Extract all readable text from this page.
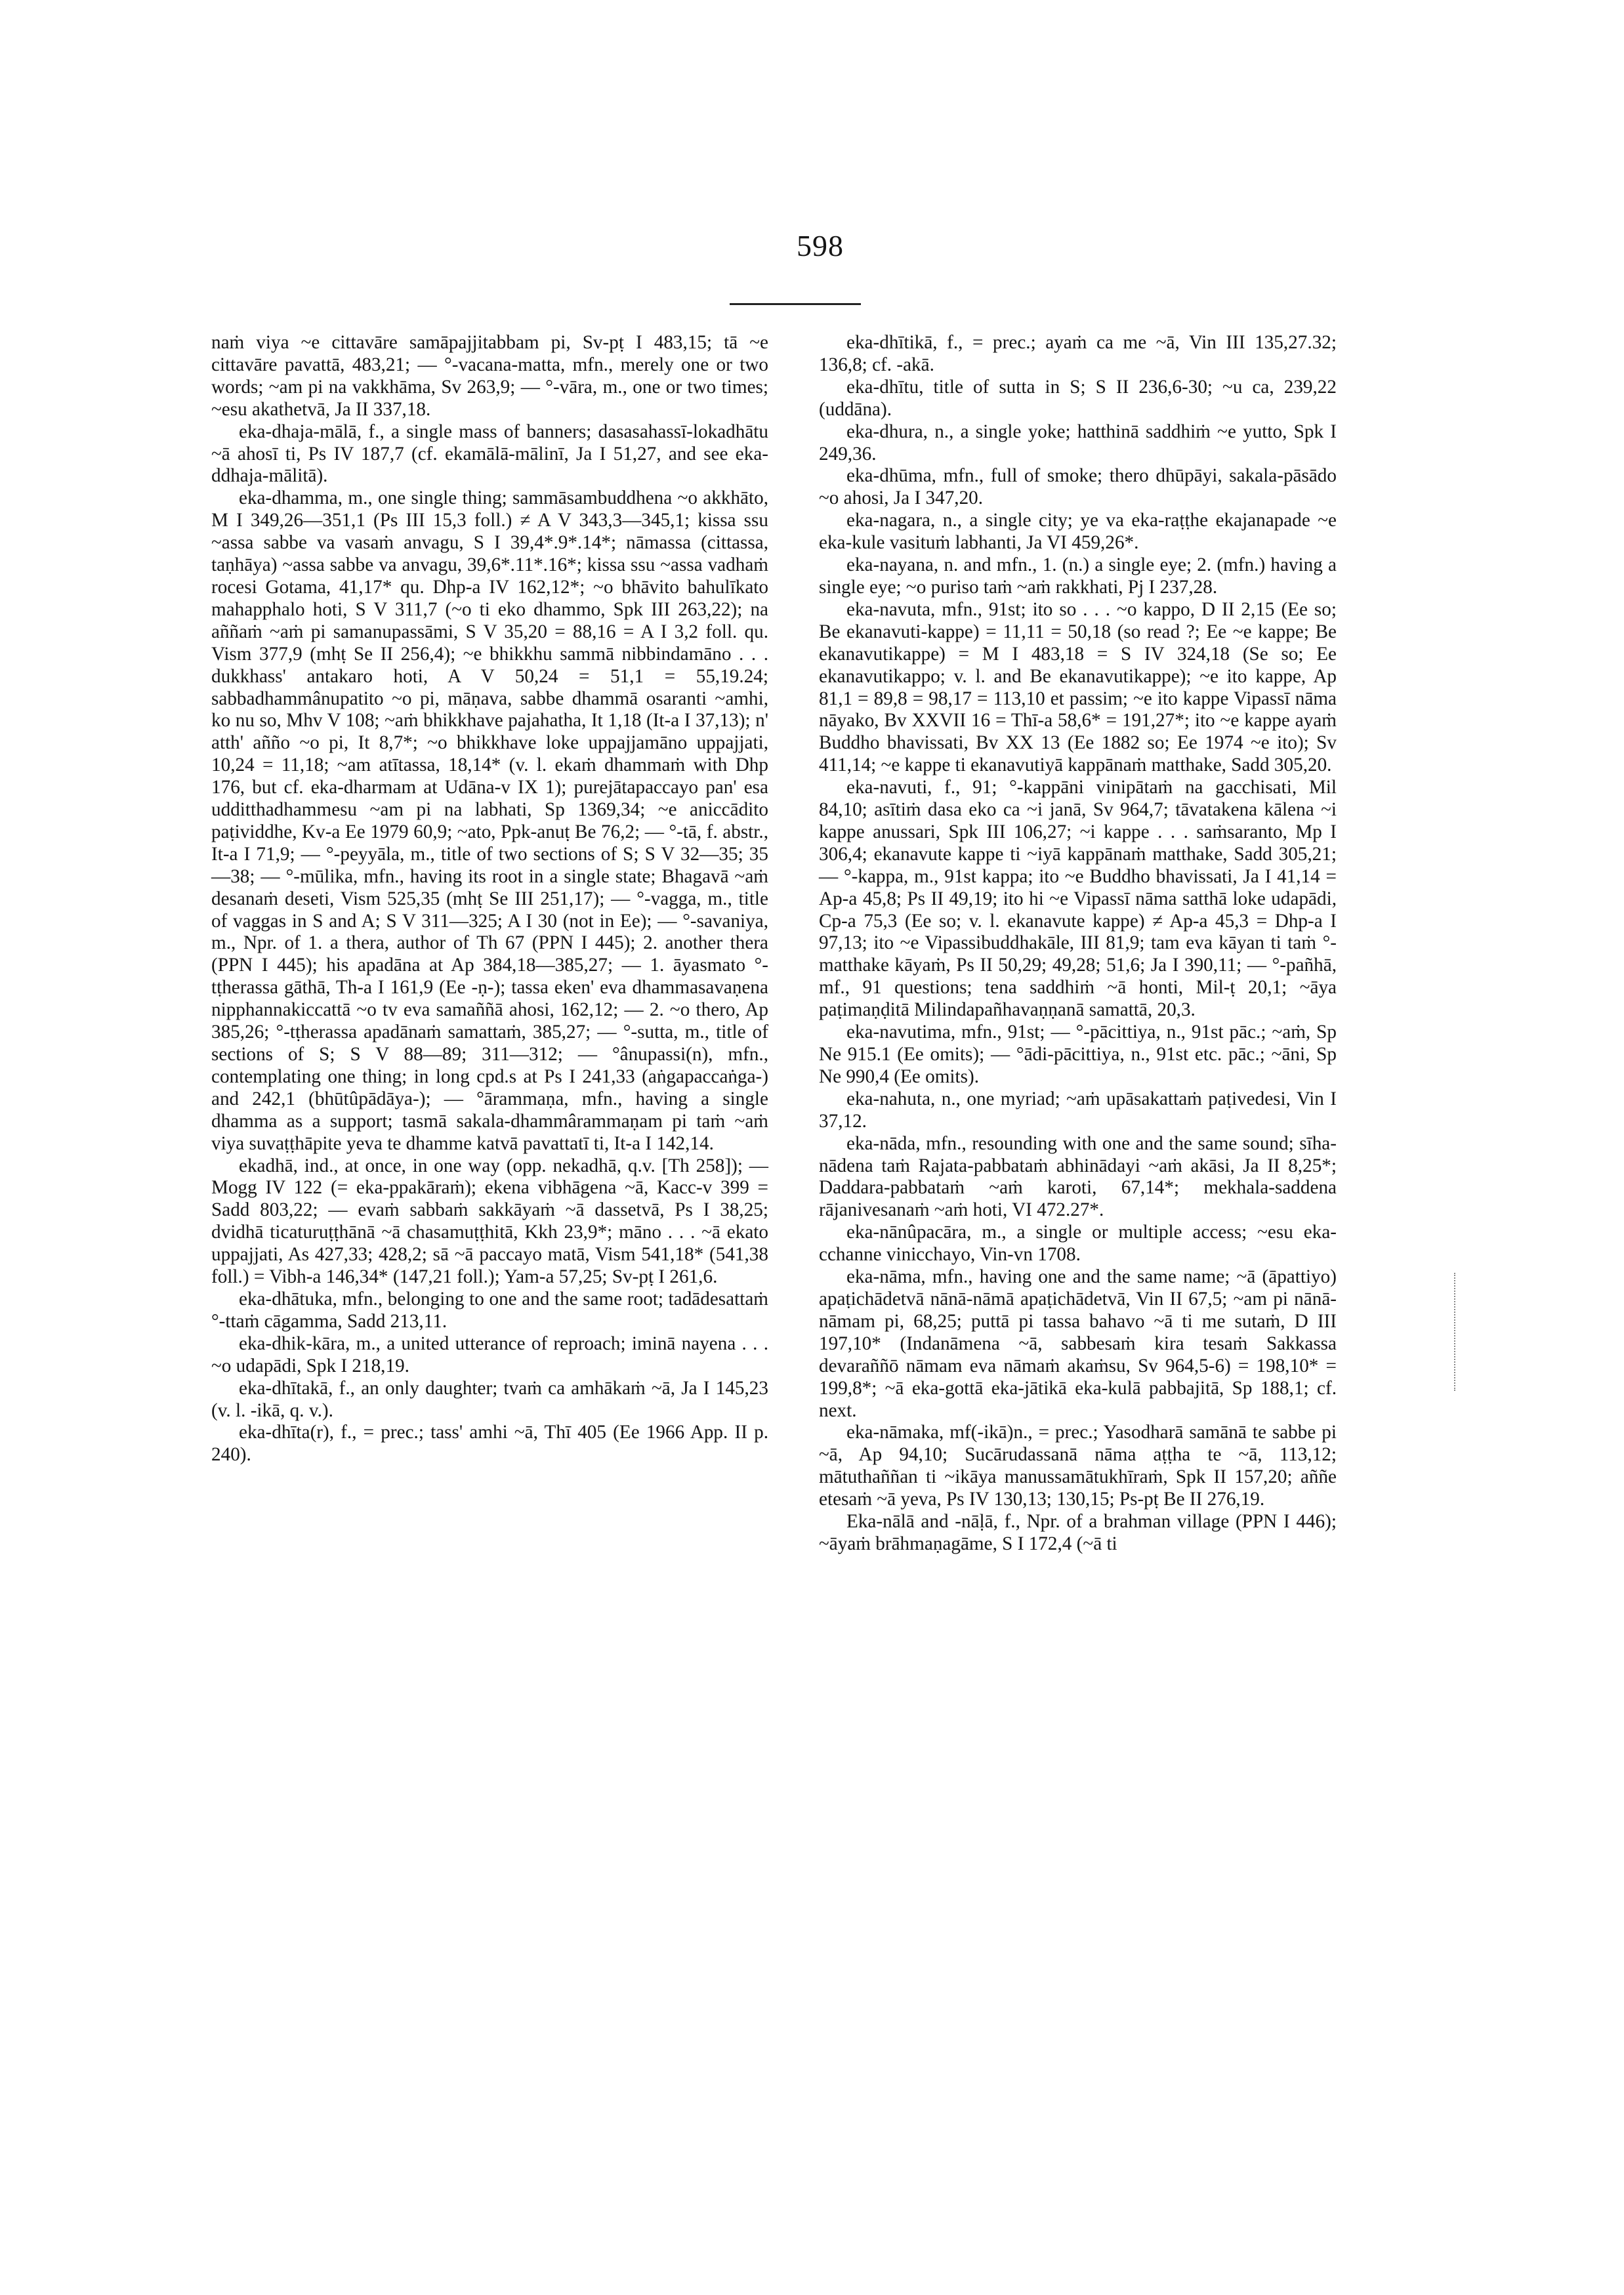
598

naṁ viya ~e cittavāre samāpajjitabbam pi, Sv-pṭ I 483,15; tā ~e cittavāre pavattā, 483,21; — °-vacana-matta, mfn., merely one or two words; ~am pi na vakkhāma, Sv 263,9; — °-vāra, m., one or two times; ~esu akathetvā, Ja II 337,18.

eka-dhaja-mālā, f., a single mass of banners; dasasahassī-lokadhātu ~ā ahosī ti, Ps IV 187,7 (cf. ekamālā-mālinī, Ja I 51,27, and see eka-ddhaja-mālitā).

eka-dhamma, m., one single thing; sammāsambuddhena ~o akkhāto, M I 349,26—351,1 (Ps III 15,3 foll.) ≠ A V 343,3—345,1; kissa ssu ~assa sabbe va vasaṁ anvagu, S I 39,4*.9*.14*; nāmassa (cittassa, taṇhāya) ~assa sabbe va anvagu, 39,6*.11*.16*; kissa ssu ~assa vadhaṁ rocesi Gotama, 41,17* qu. Dhp-a IV 162,12*; ~o bhāvito bahulīkato mahapphalo hoti, S V 311,7 (~o ti eko dhammo, Spk III 263,22); na aññaṁ ~aṁ pi samanupassāmi, S V 35,20 = 88,16 = A I 3,2 foll. qu. Vism 377,9 (mhṭ Se II 256,4); ~e bhikkhu sammā nibbindamāno . . . dukkhass' antakaro hoti, A V 50,24 = 51,1 = 55,19.24; sabbadhammânupatito ~o pi, māṇava, sabbe dhammā osaranti ~amhi, ko nu so, Mhv V 108; ~aṁ bhikkhave pajahatha, It 1,18 (It-a I 37,13); n' atth' añño ~o pi, It 8,7*; ~o bhikkhave loke uppajjamāno uppajjati, 10,24 = 11,18; ~am atītassa, 18,14* (v. l. ekaṁ dhammaṁ with Dhp 176, but cf. eka-dharmam at Udāna-v IX 1); purejātapaccayo pan' esa udditthadhammesu ~am pi na labhati, Sp 1369,34; ~e aniccādito paṭividdhe, Kv-a Ee 1979 60,9; ~ato, Ppk-anuṭ Be 76,2; — °-tā, f. abstr., It-a I 71,9; — °-peyyāla, m., title of two sections of S; S V 32—35; 35—38; — °-mūlika, mfn., having its root in a single state; Bhagavā ~aṁ desanaṁ deseti, Vism 525,35 (mhṭ Se III 251,17); — °-vagga, m., title of vaggas in S and A; S V 311—325; A I 30 (not in Ee); — °-savaniya, m., Npr. of 1. a thera, author of Th 67 (PPN I 445); 2. another thera (PPN I 445); his apadāna at Ap 384,18—385,27; — 1. āyasmato °-tṭherassa gāthā, Th-a I 161,9 (Ee -ṇ-); tassa eken' eva dhammasavaṇena nipphannakiccattā ~o tv eva samaññā ahosi, 162,12; — 2. ~o thero, Ap 385,26; °-tṭherassa apadānaṁ samattaṁ, 385,27; — °-sutta, m., title of sections of S; S V 88—89; 311—312; — °ânupassi(n), mfn., contemplating one thing; in long cpd.s at Ps I 241,33 (aṅgapaccaṅga-) and 242,1 (bhūtûpādāya-); — °ārammaṇa, mfn., having a single dhamma as a support; tasmā sakala-dhammârammaṇam pi taṁ ~aṁ viya suvaṭṭhāpite yeva te dhamme katvā pavattatī ti, It-a I 142,14.

ekadhā, ind., at once, in one way (opp. nekadhā, q.v. [Th 258]); — Mogg IV 122 (= eka-ppakāraṁ); ekena vibhāgena ~ā, Kacc-v 399 = Sadd 803,22; — evaṁ sabbaṁ sakkāyaṁ ~ā dassetvā, Ps I 38,25; dvidhā ticaturuṭṭhānā ~ā chasamuṭṭhitā, Kkh 23,9*; māno . . . ~ā ekato uppajjati, As 427,33; 428,2; sā ~ā paccayo matā, Vism 541,18* (541,38 foll.) = Vibh-a 146,34* (147,21 foll.); Yam-a 57,25; Sv-pṭ I 261,6.

eka-dhātuka, mfn., belonging to one and the same root; tadādesattaṁ °-ttaṁ cāgamma, Sadd 213,11.

eka-dhik-kāra, m., a united utterance of reproach; iminā nayena . . . ~o udapādi, Spk I 218,19.

eka-dhītakā, f., an only daughter; tvaṁ ca amhākaṁ ~ā, Ja I 145,23 (v. l. -ikā, q. v.).

eka-dhīta(r), f., = prec.; tass' amhi ~ā, Thī 405 (Ee 1966 App. II p. 240).

eka-dhītikā, f., = prec.; ayaṁ ca me ~ā, Vin III 135,27.32; 136,8; cf. -akā.

eka-dhītu, title of sutta in S; S II 236,6-30; ~u ca, 239,22 (uddāna).

eka-dhura, n., a single yoke; hatthinā saddhiṁ ~e yutto, Spk I 249,36.

eka-dhūma, mfn., full of smoke; thero dhūpāyi, sakala-pāsādo ~o ahosi, Ja I 347,20.

eka-nagara, n., a single city; ye va eka-raṭṭhe ekajanapade ~e eka-kule vasituṁ labhanti, Ja VI 459,26*.

eka-nayana, n. and mfn., 1. (n.) a single eye; 2. (mfn.) having a single eye; ~o puriso taṁ ~aṁ rakkhati, Pj I 237,28.

eka-navuta, mfn., 91st; ito so . . . ~o kappo, D II 2,15 (Ee so; Be ekanavuti-kappe) = 11,11 = 50,18 (so read ?; Ee ~e kappe; Be ekanavutikappe) = M I 483,18 = S IV 324,18 (Se so; Ee ekanavutikappo; v. l. and Be ekanavutikappe); ~e ito kappe, Ap 81,1 = 89,8 = 98,17 = 113,10 et passim; ~e ito kappe Vipassī nāma nāyako, Bv XXVII 16 = Thī-a 58,6* = 191,27*; ito ~e kappe ayaṁ Buddho bhavissati, Bv XX 13 (Ee 1882 so; Ee 1974 ~e ito); Sv 411,14; ~e kappe ti ekanavutiyā kappānaṁ matthake, Sadd 305,20.

eka-navuti, f., 91; °-kappāni vinipātaṁ na gacchisati, Mil 84,10; asītiṁ dasa eko ca ~i janā, Sv 964,7; tāvatakena kālena ~i kappe anussari, Spk III 106,27; ~i kappe . . . saṁsaranto, Mp I 306,4; ekanavute kappe ti ~iyā kappānaṁ matthake, Sadd 305,21; — °-kappa, m., 91st kappa; ito ~e Buddho bhavissati, Ja I 41,14 = Ap-a 45,8; Ps II 49,19; ito hi ~e Vipassī nāma satthā loke udapādi, Cp-a 75,3 (Ee so; v. l. ekanavute kappe) ≠ Ap-a 45,3 = Dhp-a I 97,13; ito ~e Vipassibuddhakāle, III 81,9; tam eva kāyan ti taṁ °-matthake kāyaṁ, Ps II 50,29; 49,28; 51,6; Ja I 390,11; — °-pañhā, mf., 91 questions; tena saddhiṁ ~ā honti, Mil-ṭ 20,1; ~āya paṭimaṇḍitā Milindapañhavaṇṇanā samattā, 20,3.

eka-navutima, mfn., 91st; — °-pācittiya, n., 91st pāc.; ~aṁ, Sp Ne 915.1 (Ee omits); — °ādi-pācittiya, n., 91st etc. pāc.; ~āni, Sp Ne 990,4 (Ee omits).

eka-nahuta, n., one myriad; ~aṁ upāsakattaṁ paṭivedesi, Vin I 37,12.

eka-nāda, mfn., resounding with one and the same sound; sīha-nādena taṁ Rajata-pabbataṁ abhinādayi ~aṁ akāsi, Ja II 8,25*; Daddara-pabbataṁ ~aṁ karoti, 67,14*; mekhala-saddena rājanivesanaṁ ~aṁ hoti, VI 472.27*.

eka-nānûpacāra, m., a single or multiple access; ~esu eka-cchanne vinicchayo, Vin-vn 1708.

eka-nāma, mfn., having one and the same name; ~ā (āpattiyo) apaṭichādetvā nānā-nāmā apaṭichādetvā, Vin II 67,5; ~am pi nānā-nāmam pi, 68,25; puttā pi tassa bahavo ~ā ti me sutaṁ, D III 197,10* (Indanāmena ~ā, sabbesaṁ kira tesaṁ Sakkassa devaraññō nāmam eva nāmaṁ akaṁsu, Sv 964,5-6) = 198,10* = 199,8*; ~ā eka-gottā eka-jātikā eka-kulā pabbajitā, Sp 188,1; cf. next.

eka-nāmaka, mf(-ikā)n., = prec.; Yasodharā samānā te sabbe pi ~ā, Ap 94,10; Sucārudassanā nāma aṭṭha te ~ā, 113,12; mātuthaññan ti ~ikāya manussamātukhīraṁ, Spk II 157,20; aññe etesaṁ ~ā yeva, Ps IV 130,13; 130,15; Ps-pṭ Be II 276,19.

Eka-nālā and -nāḷā, f., Npr. of a brahman village (PPN I 446); ~āyaṁ brāhmaṇagāme, S I 172,4 (~ā ti
